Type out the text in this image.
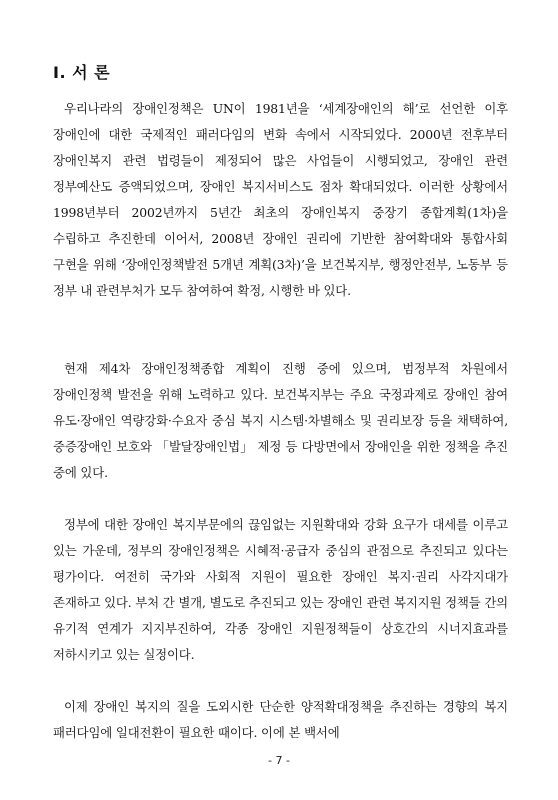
I. 서 론

우리나라의 장애인정책은 UN이 1981년을 ‘세계장애인의 해’로 선언한 이후 장애인에 대한 국제적인 패러다임의 변화 속에서 시작되었다. 2000년 전후부터 장애인복지 관련 법령들이 제정되어 많은 사업들이 시행되었고, 장애인 관련 정부예산도 증액되었으며, 장애인 복지서비스도 점차 확대되었다. 이러한 상황에서 1998년부터 2002년까지 5년간 최초의 장애인복지 중장기 종합계획(1차)을 수립하고 추진한데 이어서, 2008년 장애인 권리에 기반한 참여확대와 통합사회 구현을 위해 ‘장애인정책발전 5개년 계획(3차)’을 보건복지부, 행정안전부, 노동부 등 정부 내 관련부처가 모두 참여하여 확정, 시행한 바 있다.

현재 제4차 장애인정책종합 계획이 진행 중에 있으며, 범정부적 차원에서 장애인정책 발전을 위해 노력하고 있다. 보건복지부는 주요 국정과제로 장애인 참여 유도·장애인 역량강화·수요자 중심 복지 시스템·차별해소 및 권리보장 등을 채택하여, 중증장애인 보호와 「발달장애인법」 제정 등 다방면에서 장애인을 위한 정책을 추진 중에 있다.

정부에 대한 장애인 복지부문에의 끊임없는 지원확대와 강화 요구가 대세를 이루고 있는 가운데, 정부의 장애인정책은 시혜적·공급자 중심의 관점으로 추진되고 있다는 평가이다. 여전히 국가와 사회적 지원이 필요한 장애인 복지·권리 사각지대가 존재하고 있다. 부처 간 별개, 별도로 추진되고 있는 장애인 관련 복지지원 정책들 간의 유기적 연계가 지지부진하여, 각종 장애인 지원정책들이 상호간의 시너지효과를 저하시키고 있는 실정이다.

이제 장애인 복지의 질을 도외시한 단순한 양적확대정책을 추진하는 경향의 복지 패러다임에 일대전환이 필요한 때이다. 이에 본 백서에

- 7 -
